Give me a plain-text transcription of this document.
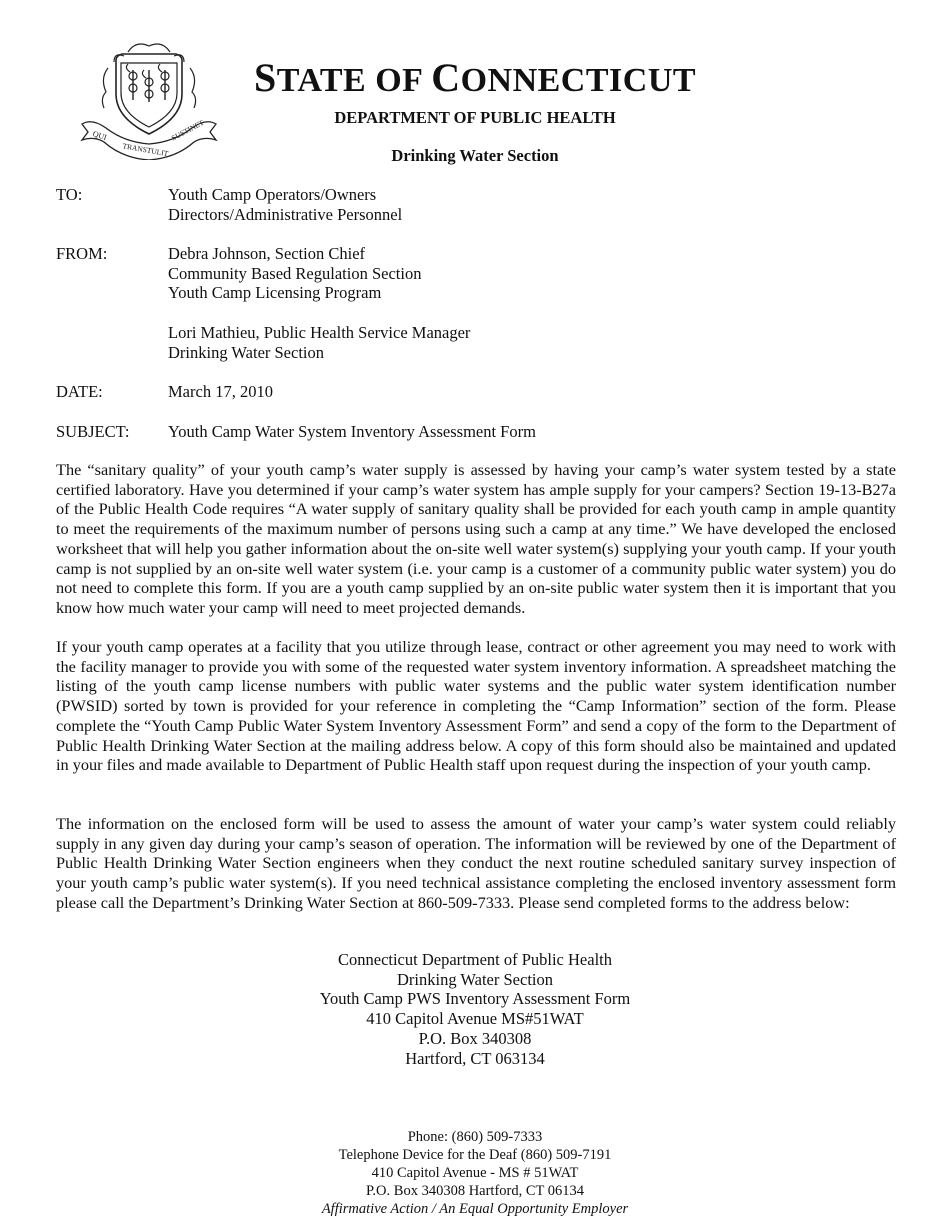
QUI
TRANSTULIT
SUSTINET
STATE OF CONNECTICUT
DEPARTMENT OF PUBLIC HEALTH
Drinking Water Section
TO:	Youth Camp Operators/Owners
Directors/Administrative Personnel
FROM:	Debra Johnson, Section Chief
Community Based Regulation Section
Youth Camp Licensing Program
Lori Mathieu, Public Health Service Manager
Drinking Water Section
DATE:	March 17, 2010
SUBJECT: Youth Camp Water System Inventory Assessment Form

The “sanitary quality” of your youth camp’s water supply is assessed by having your camp’s water system tested by a state certified laboratory. Have you determined if your camp’s water system has ample supply for your campers? Section 19-13-B27a of the Public Health Code requires “A water supply of sanitary quality shall be provided for each youth camp in ample quantity to meet the requirements of the maximum number of persons using such a camp at any time.” We have developed the enclosed worksheet that will help you gather information about the on-site well water system(s) supplying your youth camp. If your youth camp is not supplied by an on-site well water system (i.e. your camp is a customer of a community public water system) you do not need to complete this form. If you are a youth camp supplied by an on-site public water system then it is important that you know how much water your camp will need to meet projected demands.

If your youth camp operates at a facility that you utilize through lease, contract or other agreement you may need to work with the facility manager to provide you with some of the requested water system inventory information. A spreadsheet matching the listing of the youth camp license numbers with public water systems and the public water system identification number (PWSID) sorted by town is provided for your reference in completing the “Camp Information” section of the form. Please complete the “Youth Camp Public Water System Inventory Assessment Form” and send a copy of the form to the Department of Public Health Drinking Water Section at the mailing address below. A copy of this form should also be maintained and updated in your files and made available to Department of Public Health staff upon request during the inspection of your youth camp.

The information on the enclosed form will be used to assess the amount of water your camp’s water system could reliably supply in any given day during your camp’s season of operation. The information will be reviewed by one of the Department of Public Health Drinking Water Section engineers when they conduct the next routine scheduled sanitary survey inspection of your youth camp’s public water system(s). If you need technical assistance completing the enclosed inventory assessment form please call the Department’s Drinking Water Section at 860-509-7333. Please send completed forms to the address below:

Connecticut Department of Public Health
Drinking Water Section
Youth Camp PWS Inventory Assessment Form
410 Capitol Avenue MS#51WAT
P.O. Box 340308
Hartford, CT 063134
Phone: (860) 509-7333
Telephone Device for the Deaf (860) 509-7191
410 Capitol Avenue - MS # 51WAT
P.O. Box 340308 Hartford, CT 06134
Affirmative Action / An Equal Opportunity Employer
